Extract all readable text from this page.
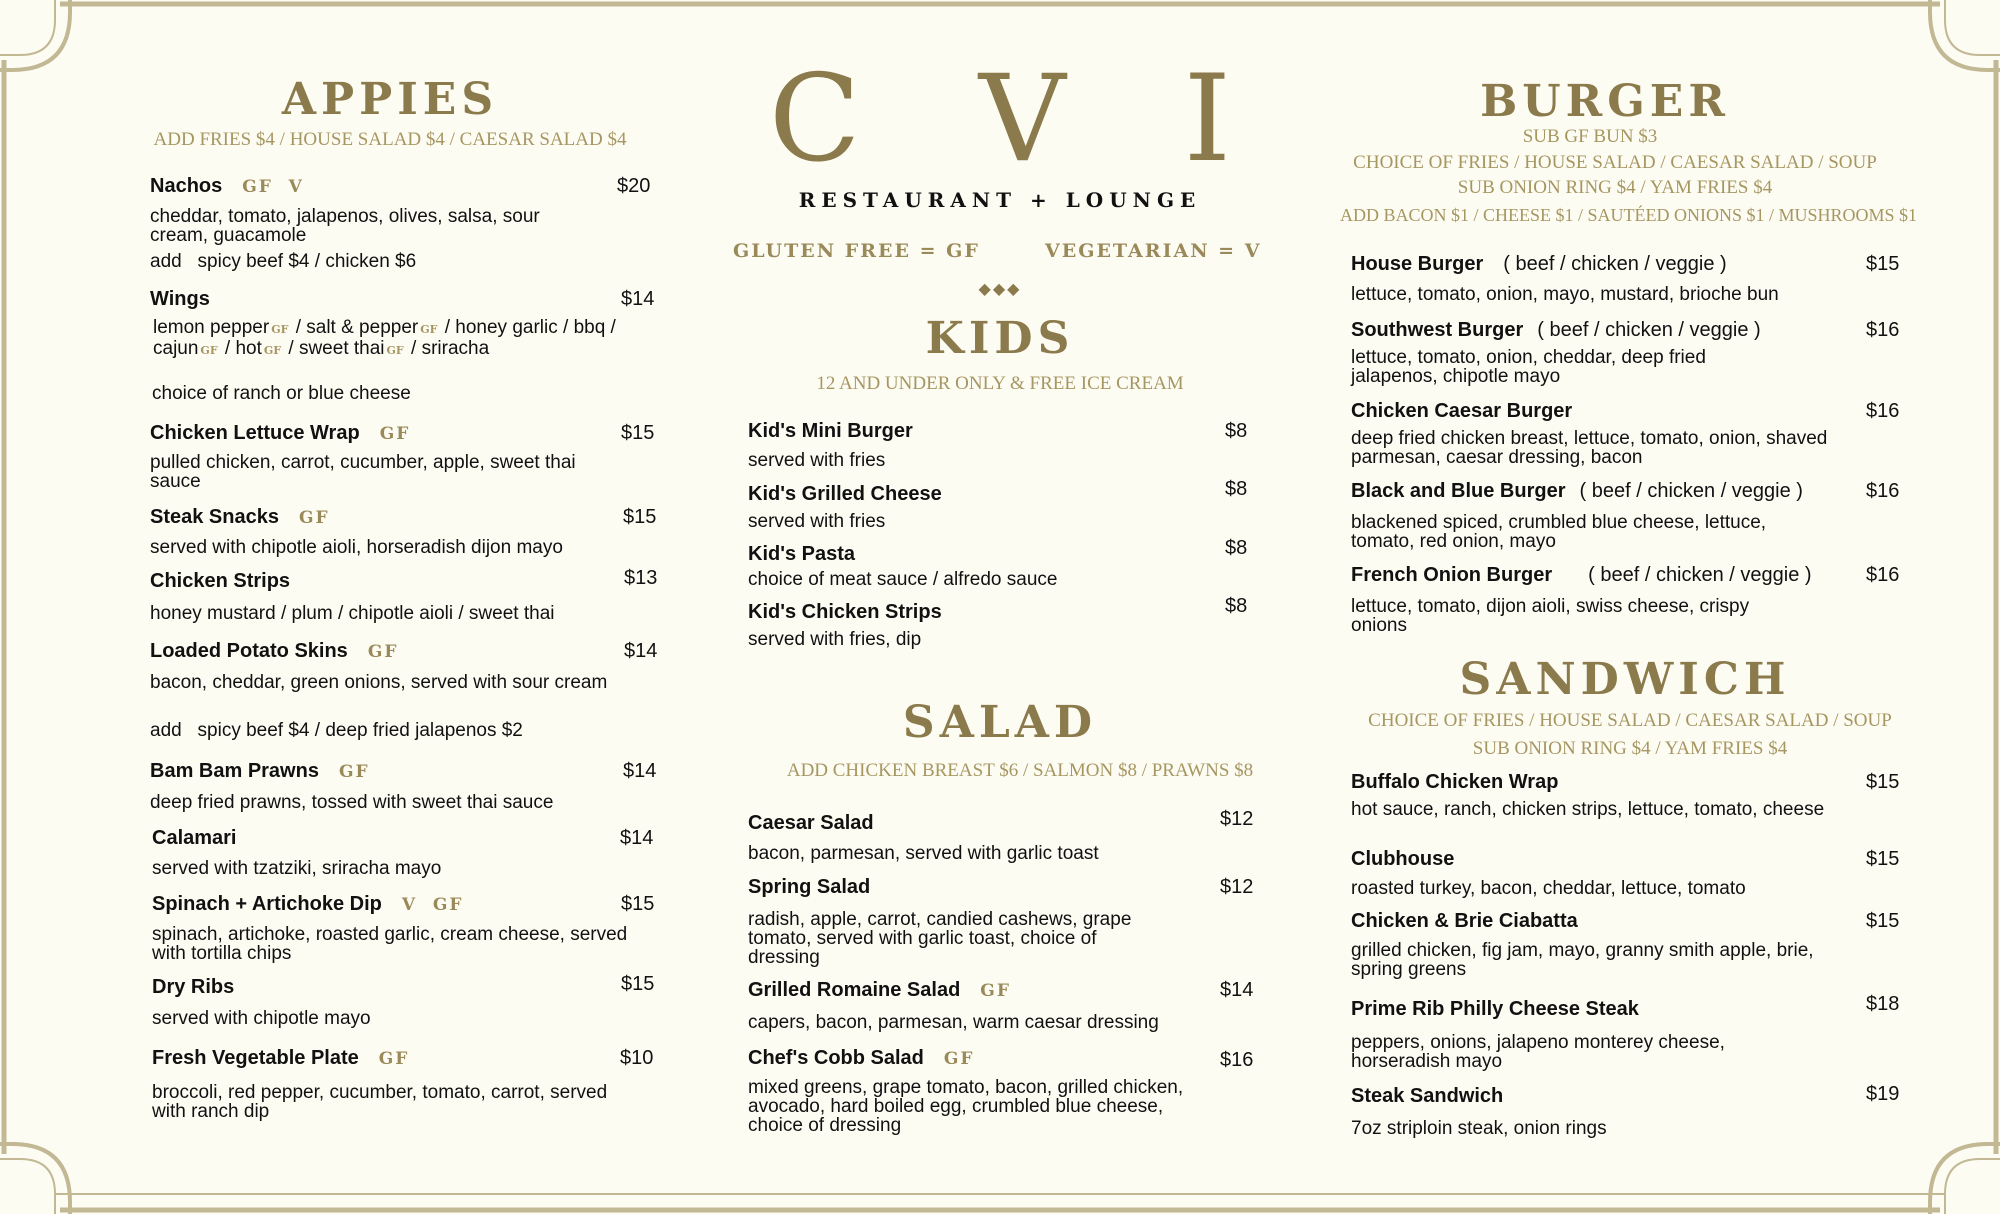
C V I
RESTAURANT + LOUNGE
GLUTEN FREE = GF	VEGETARIAN = V
◆◆◆
APPIES
ADD FRIES $4 / HOUSE SALAD $4 / CAESAR SALAD $4
Nachos GF  V	$20
cheddar, tomato, jalapenos, olives, salsa, sour cream, guacamole
add   spicy beef $4 / chicken $6
Wings	$14
lemon pepper GF / salt & pepper GF / honey garlic / bbq / cajun GF / hot GF / sweet thai GF / sriracha
choice of ranch or blue cheese
Chicken Lettuce Wrap GF	$15
pulled chicken, carrot, cucumber, apple, sweet thai sauce
Steak Snacks GF	$15
served with chipotle aioli, horseradish dijon mayo
Chicken Strips	$13
honey mustard / plum / chipotle aioli / sweet thai
Loaded Potato Skins GF	$14
bacon, cheddar, green onions, served with sour cream
add   spicy beef $4 / deep fried jalapenos $2
Bam Bam Prawns GF	$14
deep fried prawns, tossed with sweet thai sauce
Calamari	$14
served with tzatziki, sriracha mayo
Spinach + Artichoke Dip V  GF	$15
spinach, artichoke, roasted garlic, cream cheese, served with tortilla chips
Dry Ribs	$15
served with chipotle mayo
Fresh Vegetable Plate GF	$10
broccoli, red pepper, cucumber, tomato, carrot, served with ranch dip
KIDS
12 AND UNDER ONLY & FREE ICE CREAM
Kid's Mini Burger	$8
served with fries
Kid's Grilled Cheese	$8
served with fries
Kid's Pasta	$8
choice of meat sauce / alfredo sauce
Kid's Chicken Strips	$8
served with fries, dip
SALAD
ADD CHICKEN BREAST $6 / SALMON $8 / PRAWNS $8
Caesar Salad	$12
bacon, parmesan, served with garlic toast
Spring Salad	$12
radish, apple, carrot, candied cashews, grape tomato, served with garlic toast, choice of dressing
Grilled Romaine Salad GF	$14
capers, bacon, parmesan, warm caesar dressing
Chef's Cobb Salad GF	$16
mixed greens, grape tomato, bacon, grilled chicken, avocado, hard boiled egg, crumbled blue cheese, choice of dressing
BURGER
SUB GF BUN $3
CHOICE OF FRIES / HOUSE SALAD / CAESAR SALAD / SOUP
SUB ONION RING $4 / YAM FRIES $4
ADD BACON $1 / CHEESE $1 / SAUTÉED ONIONS $1 / MUSHROOMS $1
House Burger ( beef / chicken / veggie )	$15
lettuce, tomato, onion, mayo, mustard, brioche bun
Southwest Burger ( beef / chicken / veggie )	$16
lettuce, tomato, onion, cheddar, deep fried jalapenos, chipotle mayo
Chicken Caesar Burger	$16
deep fried chicken breast, lettuce, tomato, onion, shaved parmesan, caesar dressing, bacon
Black and Blue Burger ( beef / chicken / veggie )	$16
blackened spiced, crumbled blue cheese, lettuce, tomato, red onion, mayo
French Onion Burger ( beef / chicken / veggie )	$16
lettuce, tomato, dijon aioli, swiss cheese, crispy onions
SANDWICH
CHOICE OF FRIES / HOUSE SALAD / CAESAR SALAD / SOUP
SUB ONION RING $4 / YAM FRIES $4
Buffalo Chicken Wrap	$15
hot sauce, ranch, chicken strips, lettuce, tomato, cheese
Clubhouse	$15
roasted turkey, bacon, cheddar, lettuce, tomato
Chicken & Brie Ciabatta	$15
grilled chicken, fig jam, mayo, granny smith apple, brie, spring greens
Prime Rib Philly Cheese Steak	$18
peppers, onions, jalapeno monterey cheese, horseradish mayo
Steak Sandwich	$19
7oz striploin steak, onion rings
